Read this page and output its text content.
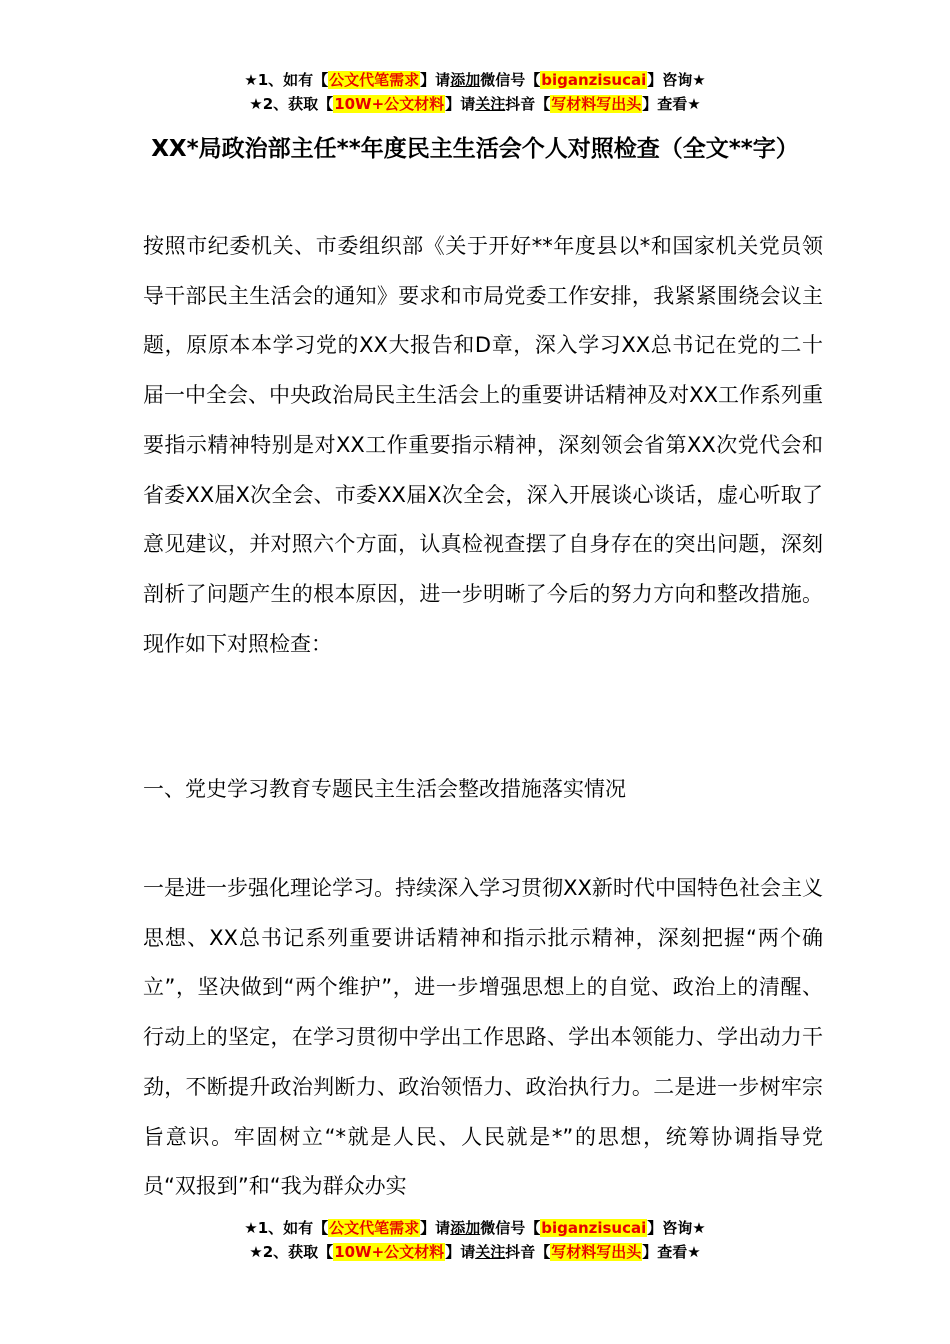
★1、如有【公文代笔需求】请添加微信号【biganzisucai】咨询★
★2、获取【10W+公文材料】请关注抖音【写材料写出头】查看★
XX*局政治部主任**年度民主生活会个人对照检查（全文**字）

按照市纪委机关、市委组织部《关于开好**年度县以*和国家机关党员领导干部民主生活会的通知》要求和市局党委工作安排，我紧紧围绕会议主题，原原本本学习党的XX大报告和D章，深入学习XX总书记在党的二十届一中全会、中央政治局民主生活会上的重要讲话精神及对XX工作系列重要指示精神特别是对XX工作重要指示精神，深刻领会省第XX次党代会和省委XX届X次全会、市委XX届X次全会，深入开展谈心谈话，虚心听取了意见建议，并对照六个方面，认真检视查摆了自身存在的突出问题，深刻剖析了问题产生的根本原因，进一步明晰了今后的努力方向和整改措施。现作如下对照检查：

一、党史学习教育专题民主生活会整改措施落实情况

一是进一步强化理论学习。持续深入学习贯彻XX新时代中国特色社会主义思想、XX总书记系列重要讲话精神和指示批示精神，深刻把握“两个确立”，坚决做到“两个维护”，进一步增强思想上的自觉、政治上的清醒、行动上的坚定，在学习贯彻中学出工作思路、学出本领能力、学出动力干劲，不断提升政治判断力、政治领悟力、政治执行力。二是进一步树牢宗旨意识。牢固树立“*就是人民、人民就是*”的思想，统筹协调指导党员“双报到”和“我为群众办实

★1、如有【公文代笔需求】请添加微信号【biganzisucai】咨询★
★2、获取【10W+公文材料】请关注抖音【写材料写出头】查看★
